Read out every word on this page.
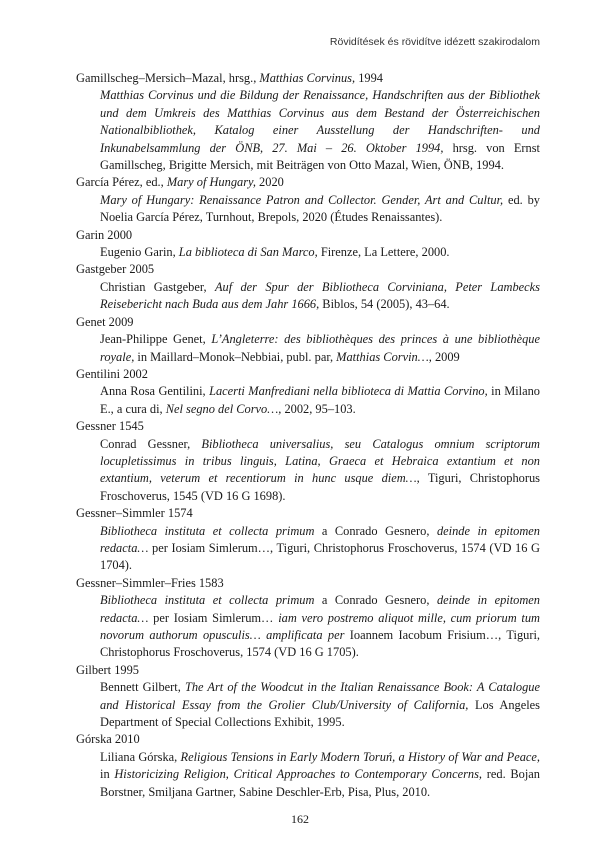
Rövidítések és rövidítve idézett szakirodalom

Gamillscheg–Mersich–Mazal, hrsg., Matthias Corvinus, 1994

Matthias Corvinus und die Bildung der Renaissance, Handschriften aus der Bibliothek und dem Umkreis des Matthias Corvinus aus dem Bestand der Österreichischen Nationalbibliothek, Katalog einer Ausstellung der Handschriften- und Inkunabelsammlung der ÖNB, 27. Mai – 26. Oktober 1994, hrsg. von Ernst Gamillscheg, Brigitte Mersich, mit Beiträgen von Otto Mazal, Wien, ÖNB, 1994.

García Pérez, ed., Mary of Hungary, 2020

Mary of Hungary: Renaissance Patron and Collector. Gender, Art and Cultur, ed. by Noelia García Pérez, Turnhout, Brepols, 2020 (Études Renaissantes).

Garin 2000

Eugenio Garin, La biblioteca di San Marco, Firenze, La Lettere, 2000.

Gastgeber 2005

Christian Gastgeber, Auf der Spur der Bibliotheca Corviniana, Peter Lambecks Reisebericht nach Buda aus dem Jahr 1666, Biblos, 54 (2005), 43–64.

Genet 2009

Jean-Philippe Genet, L’Angleterre: des bibliothèques des princes à une bibliothèque royale, in Maillard–Monok–Nebbiai, publ. par, Matthias Corvin…, 2009

Gentilini 2002

Anna Rosa Gentilini, Lacerti Manfrediani nella biblioteca di Mattia Corvino, in Milano E., a cura di, Nel segno del Corvo…, 2002, 95–103.

Gessner 1545

Conrad Gessner, Bibliotheca universalius, seu Catalogus omnium scriptorum locupletissimus in tribus linguis, Latina, Graeca et Hebraica extantium et non extantium, veterum et recentiorum in hunc usque diem…, Tiguri, Christophorus Froschoverus, 1545 (VD 16 G 1698).

Gessner–Simmler 1574

Bibliotheca instituta et collecta primum a Conrado Gesnero, deinde in epitomen redacta… per Iosiam Simlerum…, Tiguri, Christophorus Froschoverus, 1574 (VD 16 G 1704).

Gessner–Simmler–Fries 1583

Bibliotheca instituta et collecta primum a Conrado Gesnero, deinde in epitomen redacta… per Iosiam Simlerum… iam vero postremo aliquot mille, cum priorum tum novorum authorum opusculis… amplificata per Ioannem Iacobum Frisium…, Tiguri, Christophorus Froschoverus, 1574 (VD 16 G 1705).

Gilbert 1995

Bennett Gilbert, The Art of the Woodcut in the Italian Renaissance Book: A Catalogue and Historical Essay from the Grolier Club/University of California, Los Angeles Department of Special Collections Exhibit, 1995.

Górska 2010

Liliana Górska, Religious Tensions in Early Modern Toruń, a History of War and Peace, in Historicizing Religion, Critical Approaches to Contemporary Concerns, red. Bojan Borstner, Smiljana Gartner, Sabine Deschler-Erb, Pisa, Plus, 2010.

162
